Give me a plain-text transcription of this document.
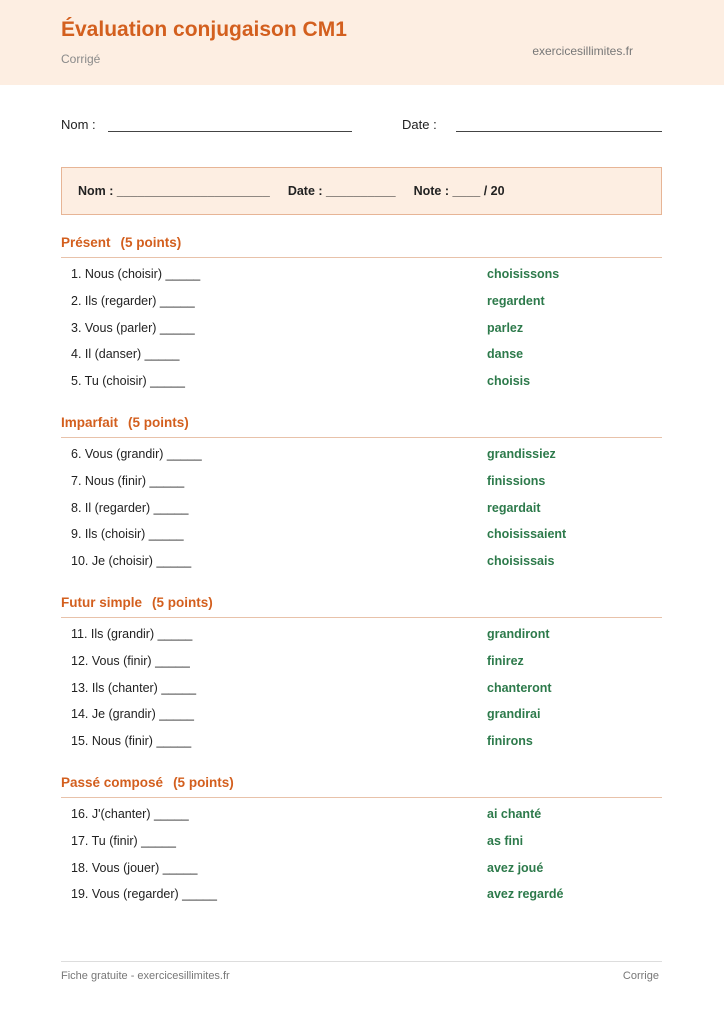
Évaluation conjugaison CM1
Corrigé
exercicesillimites.fr
Nom :	Date :
Nom : ______________________ Date : __________ Note : ____ / 20
Présent (5 points)
1. Nous (choisir) _____	choisissons
2. Ils (regarder) _____	regardent
3. Vous (parler) _____	parlez
4. Il (danser) _____	danse
5. Tu (choisir) _____	choisis
Imparfait (5 points)
6. Vous (grandir) _____	grandissiez
7. Nous (finir) _____	finissions
8. Il (regarder) _____	regardait
9. Ils (choisir) _____	choisissaient
10. Je (choisir) _____	choisissais
Futur simple (5 points)
11. Ils (grandir) _____	grandiront
12. Vous (finir) _____	finirez
13. Ils (chanter) _____	chanteront
14. Je (grandir) _____	grandirai
15. Nous (finir) _____	finirons
Passé composé (5 points)
16. J'(chanter) _____	ai chanté
17. Tu (finir) _____	as fini
18. Vous (jouer) _____	avez joué
19. Vous (regarder) _____	avez regardé
Fiche gratuite - exercicesillimites.fr	Corrige
